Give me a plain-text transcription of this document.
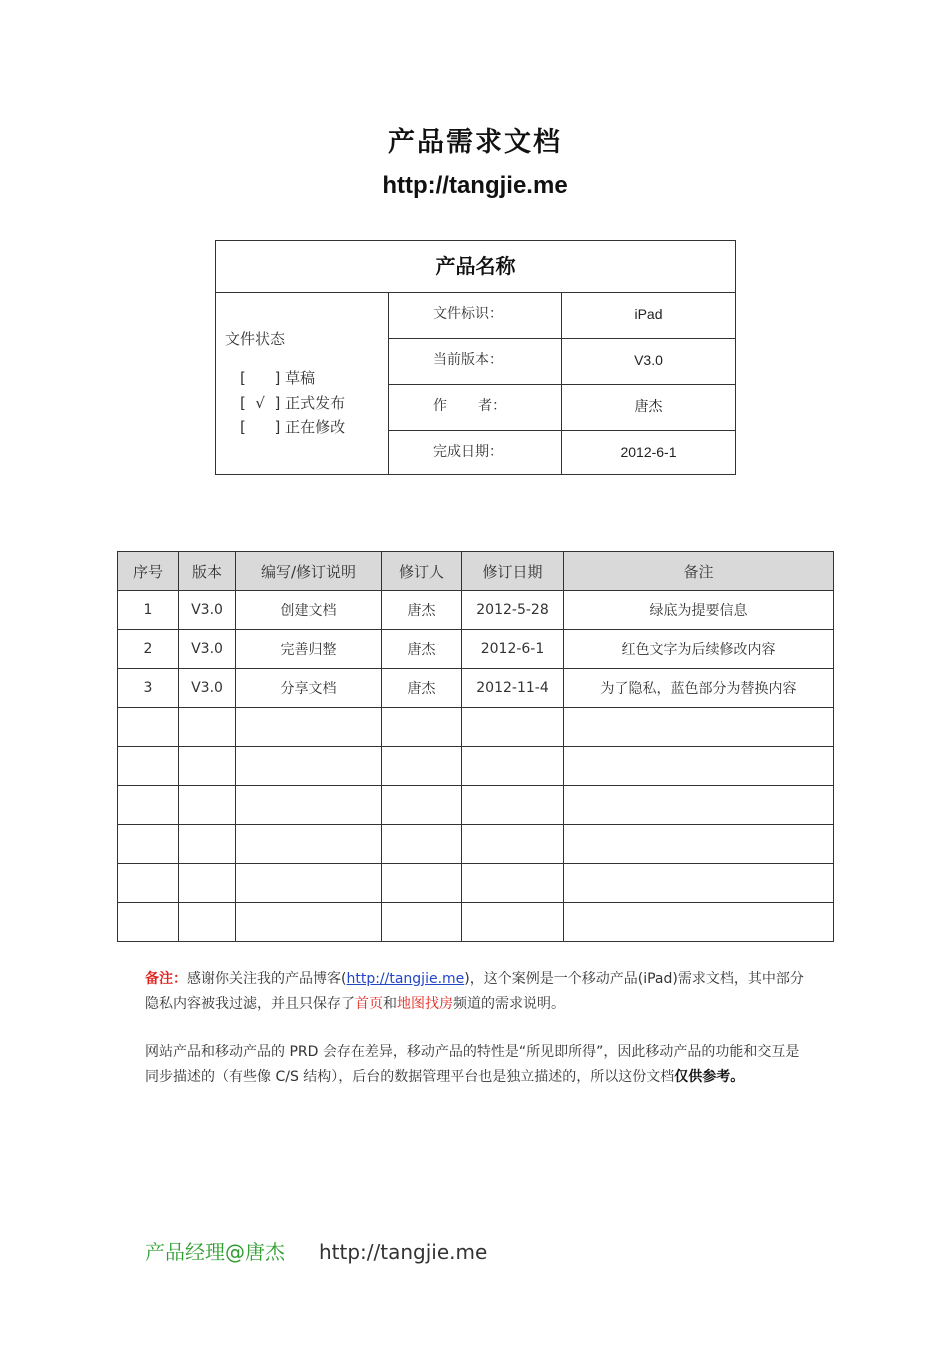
产品需求文档
http://tangjie.me
产品名称
文件状态
[      ] 草稿
[  √  ] 正式发布
[      ] 正在修改
文件标识：	iPad
当前版本：	V3.0
作       者：	唐杰
完成日期：	2012-6-1
序号	版本	编写/修订说明	修订人	修订日期	备注
1	V3.0	创建文档	唐杰	2012-5-28	绿底为提要信息
2	V3.0	完善归整	唐杰	2012-6-1	红色文字为后续修改内容
3	V3.0	分享文档	唐杰	2012-11-4	为了隐私，蓝色部分为替换内容

备注：感谢你关注我的产品博客(http://tangjie.me)，这个案例是一个移动产品(iPad)需求文档，其中部分隐私内容被我过滤，并且只保存了首页和地图找房频道的需求说明。

网站产品和移动产品的 PRD 会存在差异，移动产品的特性是“所见即所得”，因此移动产品的功能和交互是同步描述的（有些像 C/S 结构），后台的数据管理平台也是独立描述的，所以这份文档仅供参考。

产品经理@唐杰 http://tangjie.me
